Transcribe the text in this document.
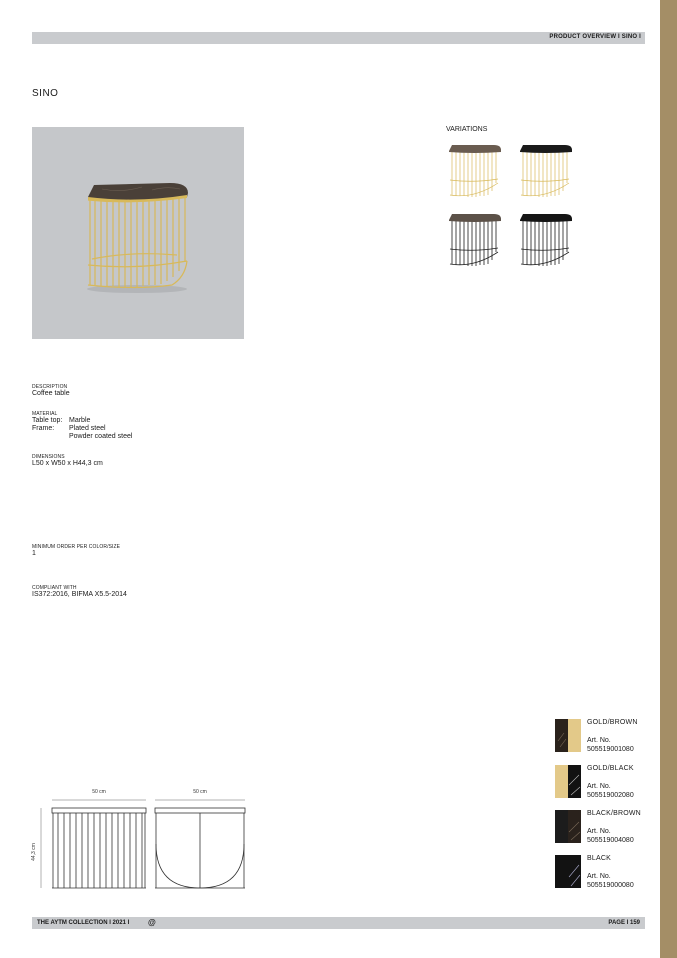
PRODUCT OVERVIEW I SINO I
SINO
VARIATIONS
DESCRIPTION
Coffee table
MATERIAL
Table top: Marble
Frame:	Plated steel
Powder coated steel
DIMENSIONS
L50 x W50 x H44,3 cm
MINIMUM ORDER PER COLOR/SIZE
1
COMPLIANT WITH
IS372:2016, BIFMA X5.5-2014
50 cm	50 cm
44,3 cm
GOLD/BROWN
Art. No.
505519001080
GOLD/BLACK
Art. No.
505519002080
BLACK/BROWN
Art. No.
505519004080
BLACK
Art. No.
505519000080
THE AYTM COLLECTION I 2021 I @	PAGE I 159
